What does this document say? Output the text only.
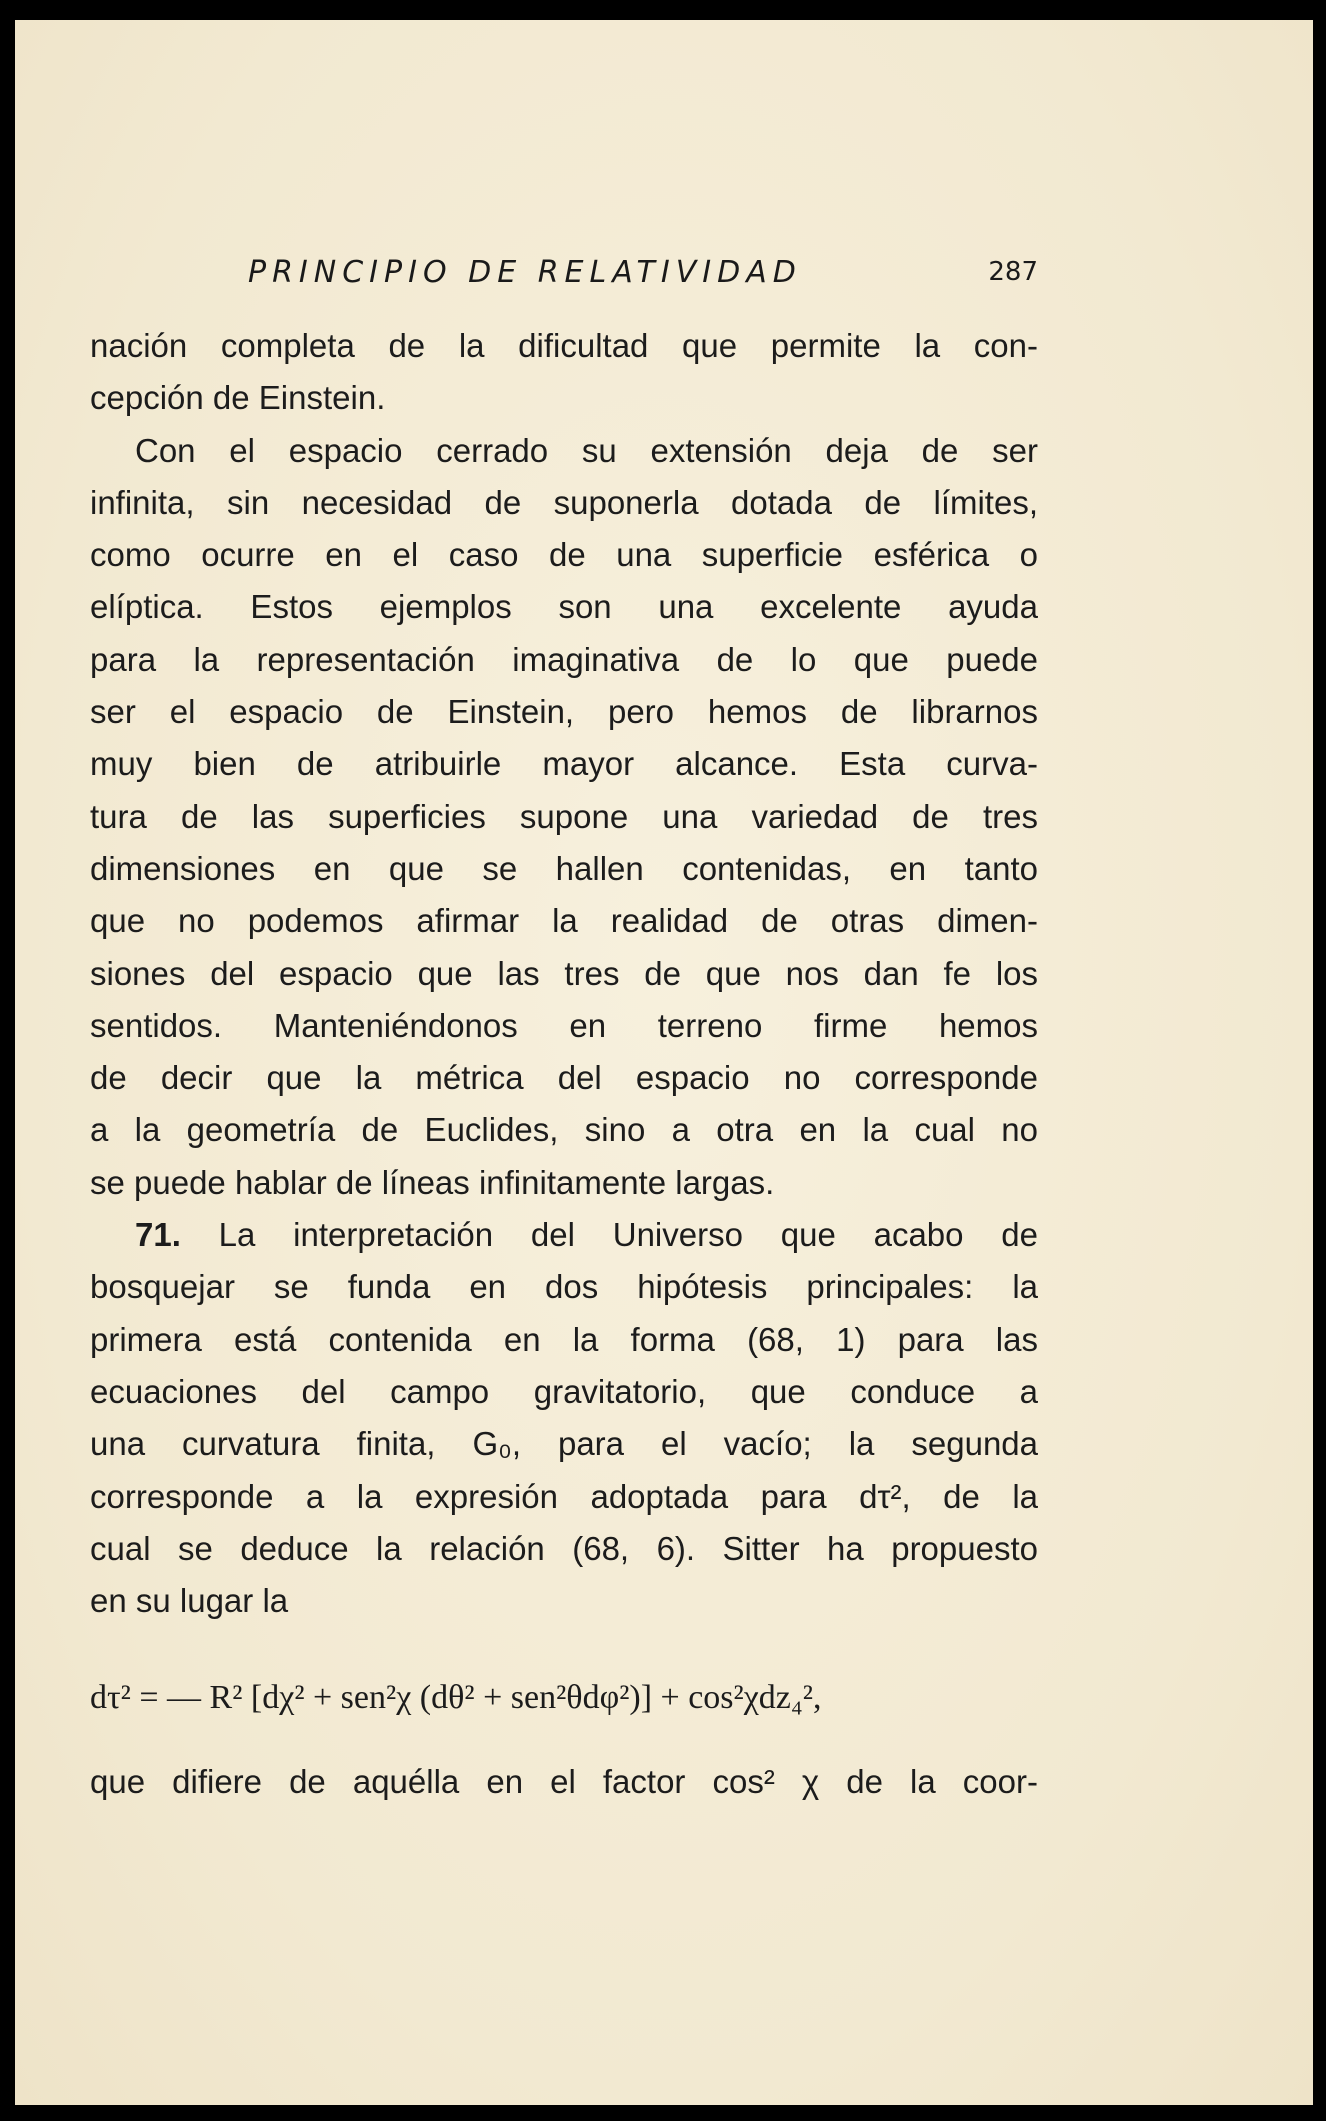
PRINCIPIO DE RELATIVIDAD	287
nación completa de la dificultad que permite la con-
cepción de Einstein.
Con el espacio cerrado su extensión deja de ser
infinita, sin necesidad de suponerla dotada de límites,
como ocurre en el caso de una superficie esférica o
elíptica. Estos ejemplos son una excelente ayuda
para la representación imaginativa de lo que puede
ser el espacio de Einstein, pero hemos de librarnos
muy bien de atribuirle mayor alcance. Esta curva-
tura de las superficies supone una variedad de tres
dimensiones en que se hallen contenidas, en tanto
que no podemos afirmar la realidad de otras dimen-
siones del espacio que las tres de que nos dan fe los
sentidos. Manteniéndonos en terreno firme hemos
de decir que la métrica del espacio no corresponde
a la geometría de Euclides, sino a otra en la cual no
se puede hablar de líneas infinitamente largas.
71. La interpretación del Universo que acabo de
bosquejar se funda en dos hipótesis principales: la
primera está contenida en la forma (68, 1) para las
ecuaciones del campo gravitatorio, que conduce a
una curvatura finita, G₀, para el vacío; la segunda
corresponde a la expresión adoptada para dτ², de la
cual se deduce la relación (68, 6). Sitter ha propuesto
en su lugar la
dτ² = — R² [dχ² + sen²χ (dθ² + sen²θdφ²)] + cos²χdz₄²,
que difiere de aquélla en el factor cos² χ de la coor-
